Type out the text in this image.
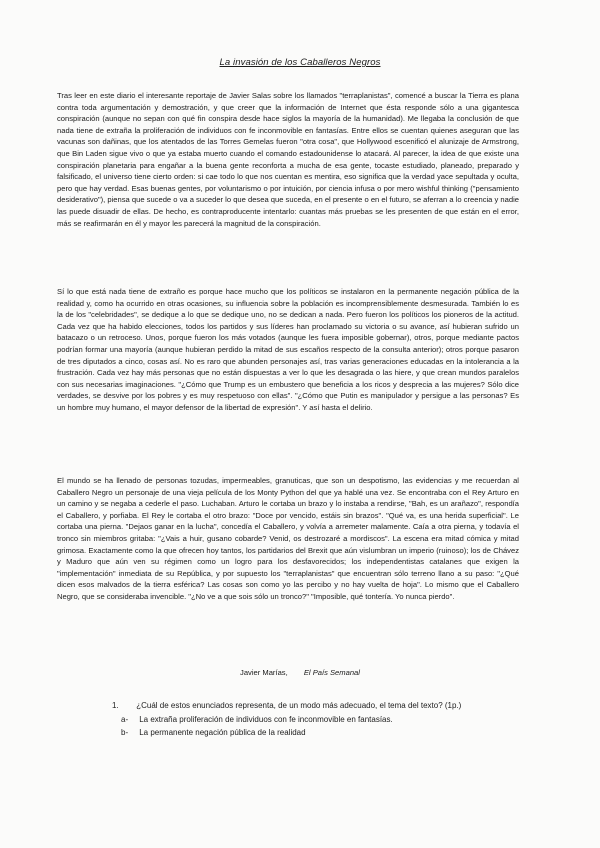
La invasión de los Caballeros Negros

Tras leer en este diario el interesante reportaje de Javier Salas sobre los llamados "terraplanistas", comencé a buscar la Tierra es plana contra toda argumentación y demostración, y que creer que la información de Internet que ésta responde sólo a una gigantesca conspiración (aunque no sepan con qué fin conspira desde hace siglos la mayoría de la humanidad). Me llegaba la conclusión de que nada tiene de extraña la proliferación de individuos con fe inconmovible en fantasías. Entre ellos se cuentan quienes aseguran que las vacunas son dañinas, que los atentados de las Torres Gemelas fueron "otra cosa", que Hollywood escenificó el alunizaje de Armstrong, que Bin Laden sigue vivo o que ya estaba muerto cuando el comando estadounidense lo atacará. Al parecer, la idea de que existe una conspiración planetaria para engañar a la buena gente reconforta a mucha de esa gente, tocaste estudiado, planeado, preparado y falsificado, el universo tiene cierto orden: si cae todo lo que nos cuentan es mentira, eso significa que la verdad yace sepultada y oculta, pero que hay verdad. Esas buenas gentes, por voluntarismo o por intuición, por ciencia infusa o por mero wishful thinking ("pensamiento desiderativo"), piensa que sucede o va a suceder lo que desea que suceda, en el presente o en el futuro, se aferran a lo creencia y nadie las puede disuadir de ellas. De hecho, es contraproducente intentarlo: cuantas más pruebas se les presenten de que están en el error, más se reafirmarán en él y mayor les parecerá la magnitud de la conspiración.

Sí lo que está nada tiene de extraño es porque hace mucho que los políticos se instalaron en la permanente negación pública de la realidad y, como ha ocurrido en otras ocasiones, su influencia sobre la población es incomprensiblemente desmesurada. También lo es la de los "celebridades", se dedique a lo que se dedique uno, no se dedican a nada. Pero fueron los políticos los pioneros de la actitud. Cada vez que ha habido elecciones, todos los partidos y sus líderes han proclamado su victoria o su avance, así hubieran sufrido un batacazo o un retroceso. Unos, porque fueron los más votados (aunque les fuera imposible gobernar), otros, porque mediante pactos podrían formar una mayoría (aunque hubieran perdido la mitad de sus escaños respecto de la consulta anterior); otros porque pasaron de tres diputados a cinco, cosas así. No es raro que abunden personajes así, tras varias generaciones educadas en la intolerancia a la frustración. Cada vez hay más personas que no están dispuestas a ver lo que les desagrada o las hiere, y que crean mundos paralelos con sus necesarias imaginaciones. "¿Cómo que Trump es un embustero que beneficia a los ricos y desprecia a las mujeres? Sólo dice verdades, se desvive por los pobres y es muy respetuoso con ellas". "¿Cómo que Putin es manipulador y persigue a las personas? Es un hombre muy humano, el mayor defensor de la libertad de expresión". Y así hasta el delirio.

El mundo se ha llenado de personas tozudas, impermeables, granuticas, que son un despotismo, las evidencias y me recuerdan al Caballero Negro un personaje de una vieja película de los Monty Python del que ya hablé una vez. Se encontraba con el Rey Arturo en un camino y se negaba a cederle el paso. Luchaban. Arturo le cortaba un brazo y lo instaba a rendirse, "Bah, es un arañazo", respondía el Caballero, y porfiaba. El Rey le cortaba el otro brazo: "Doce por vencido, estáis sin brazos". "Qué va, es una herida superficial". Le cortaba una pierna. "Dejaos ganar en la lucha", concedía el Caballero, y volvía a arremeter malamente. Caía a otra pierna, y todavía el tronco sin miembros gritaba: "¿Vais a huir, gusano cobarde? Venid, os destrozaré a mordiscos". La escena era mitad cómica y mitad grimosa. Exactamente como la que ofrecen hoy tantos, los partidarios del Brexit que aún vislumbran un imperio (ruinoso); los de Chávez y Maduro que aún ven su régimen como un logro para los desfavorecidos; los independentistas catalanes que exigen la "implementación" inmediata de su República, y por supuesto los "terraplanistas" que encuentran sólo terreno llano a su paso: "¿Qué dicen esos malvados de la tierra esférica? Las cosas son como yo las percibo y no hay vuelta de hoja". Lo mismo que el Caballero Negro, que se consideraba invencible. "¿No ve a que sois sólo un tronco?" "Imposible, qué tontería. Yo nunca pierdo".

Javier Marías, El País Semanal
1. ¿Cuál de estos enunciados representa, de un modo más adecuado, el tema del texto? (1p.)
a- La extraña proliferación de individuos con fe inconmovible en fantasías.
b- La permanente negación pública de la realidad
